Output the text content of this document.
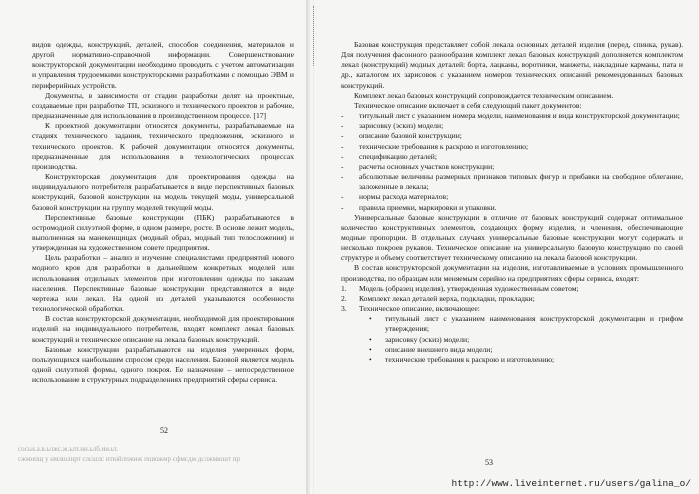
видов одежды, конструкций, деталей, способов соединения, материалов и другой нормативно-справочной информации. Совершенствование конструкторской документации необходимо проводить с учетом автоматизации и управления трудоемкими конструкторскими разработками с помощью ЭВМ и периферийных устройств.

Документы, в зависимости от стадии разработки делят на проектные, создаваемые при разработке ТП, эскизного и технического проектов и рабочие, предназначенные для использования в производственном процессе. [17]

К проектной документации относятся документы, разрабатываемые на стадиях технического задания, технического предложения, эскизного и технического проектов. К рабочей документации относятся документы, предназначенные для использования в технологических процессах производства.

Конструкторская документация для проектирования одежды на индивидуального потребителя разрабатывается в виде перспективных базовых конструкций, базовой конструкции на модель текущей моды, универсальной базовой конструкции на группу моделей текущей моды.

Перспективные базовые конструкции (ПБК) разрабатываются в остромодной силуэтной форме, в одном размере, росте. В основе лежит модель, выполненная на манекенщицах (модный образ, модный тип телосложения) и утвержденная на художественном совете предприятия.

Цель разработки – анализ и изучение специалистами предприятий нового модного кроя для разработки в дальнейшем конкретных моделей или использования отдельных элементов при изготовлении одежды по заказам населения. Перспективные базовые конструкции представляются в виде чертежа или лекал. На одной из деталей указываются особенности технологической обработки.

В состав конструкторской документации, необходимой для проектирования изделий на индивидуального потребителя, входят комплект лекал базовых конструкций и техническое описание на лекала базовых конструкций.

Базовые конструкции разрабатываются на изделия умеренных форм, пользующихся наибольшим спросом среди населения. Базовой является модель одной силуэтной формы, одного покроя. Ее назначение – непосредственное использование в структурных подразделениях предприятий сферы сервиса.

52
сосьн.а.в.ьлжс.ж.ьлт.ни.ьлб.ии.ьт.
сжмипщ у нмлюлнрт слсшлс итюйлпжиж пшюжмр сфмсдм дслжмюшт пр

Базовая конструкция представляет собой лекала основных деталей изделия (перед, спинка, рукав). Для получения фасонного разнообразия комплект лекал базовых конструкций дополняется комплектом лекал (конструкций) модных деталей: борта, лацканы, воротники, манжеты, накладные карманы, пата и др., каталогом их зарисовок с указанием номеров технических описаний рекомендованных базовых конструкций.

Комплект лекал базовых конструкций сопровождается техническим описанием.

Техническое описание включает в себя следующий пакет документов:

- титульный лист с указанием номера модели, наименования и вида конструкторской документации;

- зарисовку (эскиз) модели;

- описание базовой конструкции;

- технические требования к раскрою и изготовлению;

- спецификацию деталей;

- расчеты основных участков конструкции;

- абсолютные величины размерных признаков типовых фигур и прибавки на свободное облегание, заложенные в лекала;

- нормы расхода материалов;

- правила приемки, маркировки и упаковки.

Универсальные базовые конструкции в отличие от базовых конструкций содержат оптимальное количество конструктивных элементов, создающих форму изделия, и членения, обеспечивающие модные пропорции. В отдельных случаях универсальные базовые конструкции могут содержать и несколько покроев рукавов. Техническое описание на универсальную базовую конструкцию по своей структуре и объему соответствует техническому описанию на лекала базовой конструкции.

В состав конструкторской документации на изделия, изготавливаемые в условиях промышленного производства, по образцам или меняемым серийно на предприятиях сферы сервиса, входят:

1. Модель (образец изделия), утвержденная художественным советом;

2. Комплект лекал деталей верха, подкладки, прокладки;

3. Техническое описание, включающее:

• титульный лист с указанием наименования конструкторской документации и грифом утверждения;

• зарисовку (эскиз) модели;

• описание внешнего вида модели;

• технические требования к раскрою и изготовлению;

53
http://www.liveinternet.ru/users/galina_o/
